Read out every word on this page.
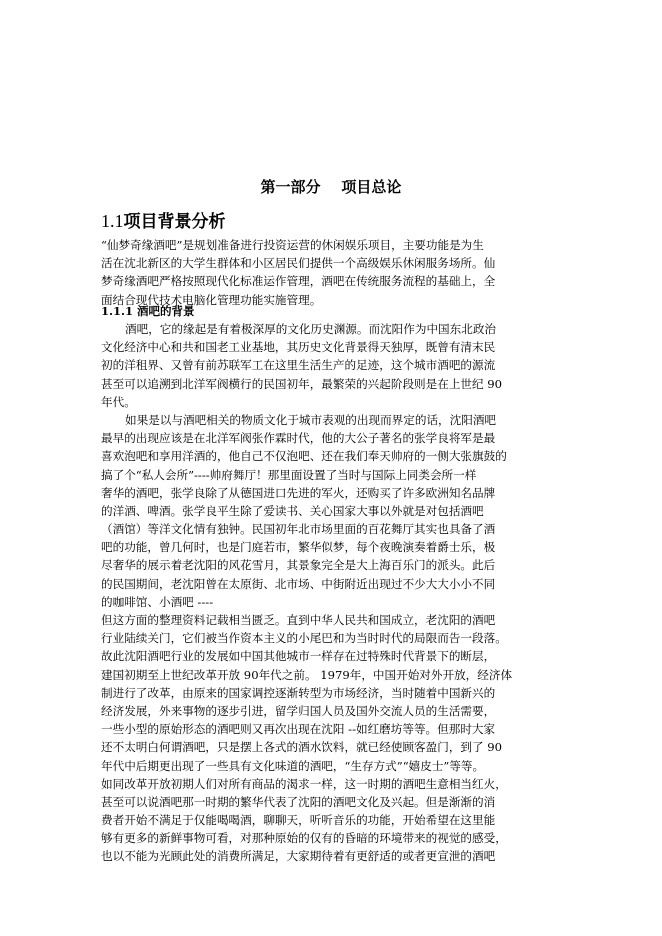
第一部分    项目总论
1.1项目背景分析
“仙梦奇缘酒吧”是规划准备进行投资运营的休闲娱乐项目，主要功能是为生
活在沈北新区的大学生群体和小区居民们提供一个高级娱乐休闲服务场所。仙
梦奇缘酒吧严格按照现代化标准运作管理，酒吧在传统服务流程的基础上，全
面结合现代技术电脑化管理功能实施管理。
1.1.1 酒吧的背景
酒吧，它的缘起是有着极深厚的文化历史渊源。而沈阳作为中国东北政治
文化经济中心和共和国老工业基地，其历史文化背景得天独厚，既曾有清末民
初的洋租界、又曾有前苏联军工在这里生活生产的足迹，这个城市酒吧的源流
甚至可以追溯到北洋军阀横行的民国初年，最繁荣的兴起阶段则是在上世纪 90
年代。
如果是以与酒吧相关的物质文化于城市表观的出现而界定的话，沈阳酒吧
最早的出现应该是在北洋军阀张作霖时代，他的大公子著名的张学良将军是最
喜欢泡吧和享用洋酒的，他自己不仅泡吧、还在我们奉天帅府的一侧大张旗鼓的
搞了个“私人会所”----帅府舞厅！那里面设置了当时与国际上同类会所一样
奢华的酒吧，张学良除了从德国进口先进的军火，还购买了许多欧洲知名品牌
的洋酒、啤酒。张学良平生除了爱读书、关心国家大事以外就是对包括酒吧
（酒馆）等洋文化情有独钟。民国初年北市场里面的百花舞厅其实也具备了酒
吧的功能，曾几何时，也是门庭若市，繁华似梦，每个夜晚演奏着爵士乐，极
尽奢华的展示着老沈阳的风花雪月，其景象完全是大上海百乐门的派头。此后
的民国期间，老沈阳曾在太原街、北市场、中街附近出现过不少大大小小不同
的咖啡馆、小酒吧 ----
但这方面的整理资料记载相当匮乏。直到中华人民共和国成立，老沈阳的酒吧
行业陆续关门，它们被当作资本主义的小尾巴和为当时时代的局限而告一段落。
故此沈阳酒吧行业的发展如中国其他城市一样存在过特殊时代背景下的断层，
建国初期至上世纪改革开放 90年代之前。 1979年，中国开始对外开放，经济体
制进行了改革，由原来的国家调控逐渐转型为市场经济，当时随着中国新兴的
经济发展，外来事物的逐步引进，留学归国人员及国外交流人员的生活需要，
一些小型的原始形态的酒吧则又再次出现在沈阳 --如红磨坊等等。但那时大家
还不太明白何谓酒吧，只是摆上各式的酒水饮料，就已经使顾客盈门，到了 90
年代中后期更出现了一些具有文化味道的酒吧，“生存方式”“嬉皮士”等等。
如同改革开放初期人们对所有商品的渴求一样，这一时期的酒吧生意相当红火，
甚至可以说酒吧那一时期的繁华代表了沈阳的酒吧文化及兴起。但是渐渐的消
费者开始不满足于仅能喝喝酒，聊聊天，听听音乐的功能，开始希望在这里能
够有更多的新鲜事物可看，对那种原始的仅有的昏暗的环境带来的视觉的感受，
也以不能为光顾此处的消费所满足，大家期待着有更舒适的或者更宣泄的酒吧
